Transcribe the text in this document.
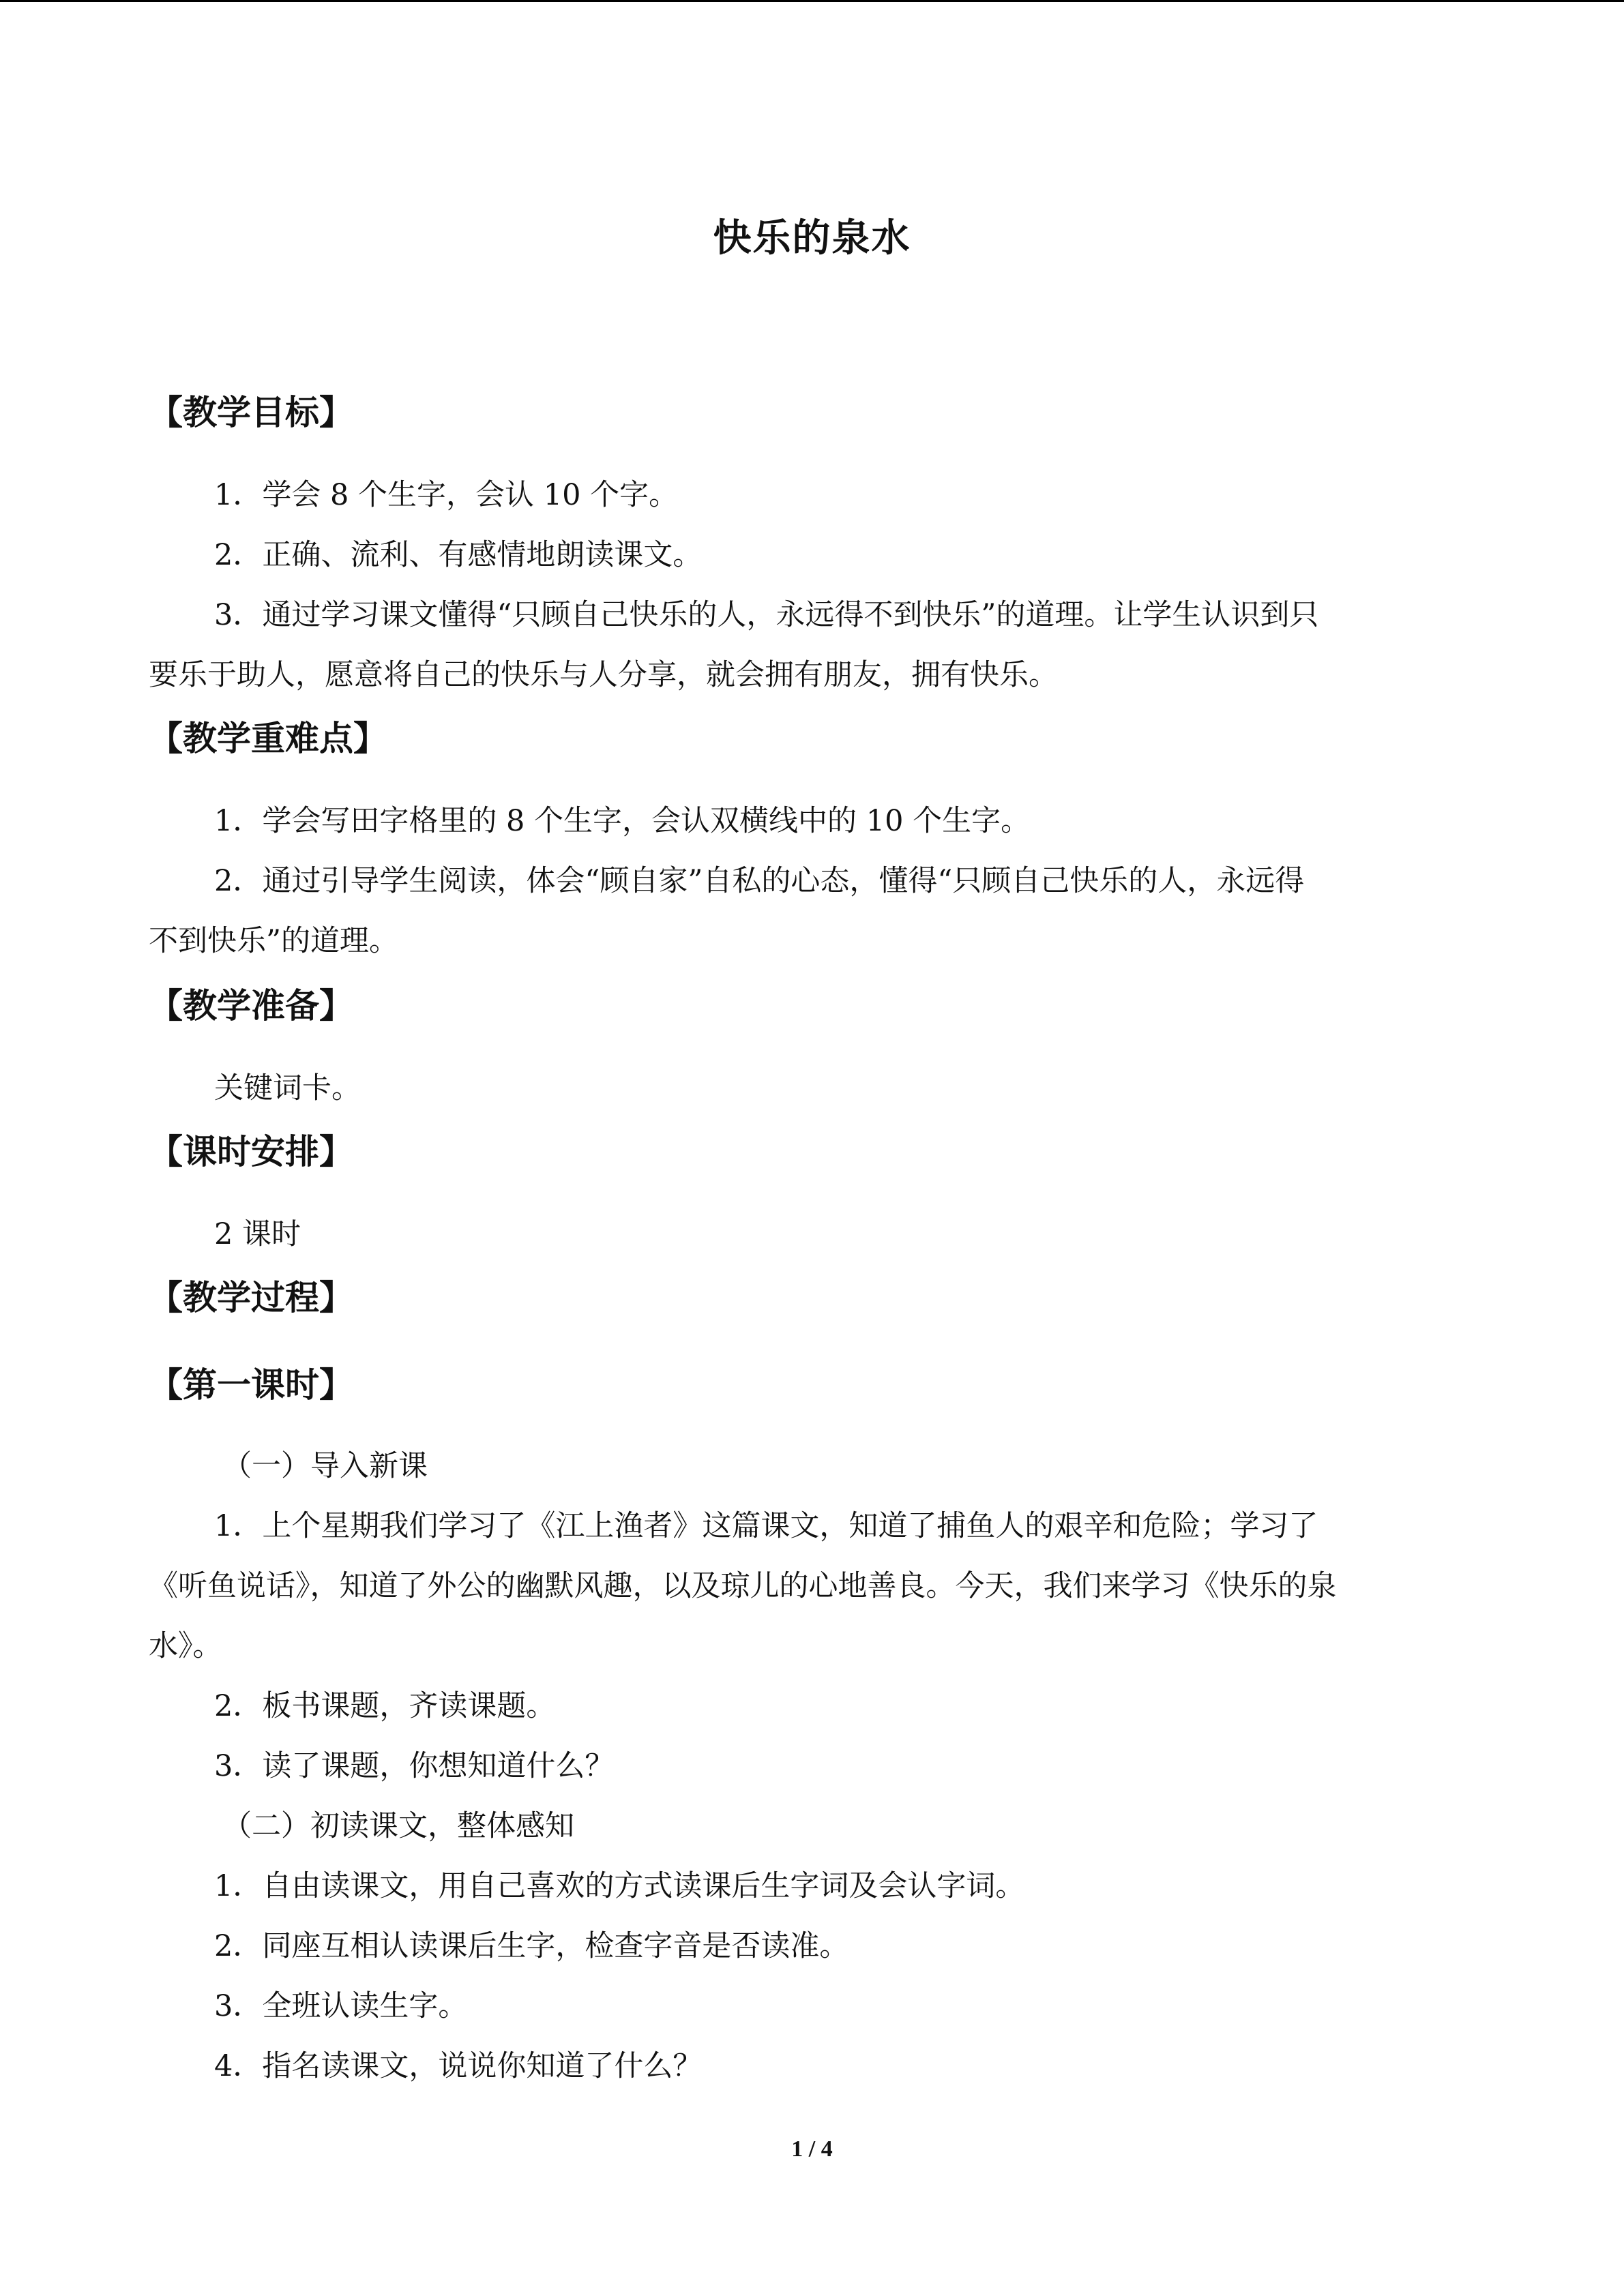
快乐的泉水
【教学目标】
1．学会 8 个生字，会认 10 个字。
2．正确、流利、有感情地朗读课文。
3．通过学习课文懂得“只顾自己快乐的人，永远得不到快乐”的道理。让学生认识到只
要乐于助人，愿意将自己的快乐与人分享，就会拥有朋友，拥有快乐。
【教学重难点】
1．学会写田字格里的 8 个生字，会认双横线中的 10 个生字。
2．通过引导学生阅读，体会“顾自家”自私的心态，懂得“只顾自己快乐的人，永远得
不到快乐”的道理。
【教学准备】
关键词卡。
【课时安排】
2 课时
【教学过程】
【第一课时】
（一）导入新课
1．上个星期我们学习了《江上渔者》这篇课文，知道了捕鱼人的艰辛和危险；学习了
《听鱼说话》，知道了外公的幽默风趣，以及琼儿的心地善良。今天，我们来学习《快乐的泉
水》。
2．板书课题，齐读课题。
3．读了课题，你想知道什么？
（二）初读课文，整体感知
1．自由读课文，用自己喜欢的方式读课后生字词及会认字词。
2．同座互相认读课后生字，检查字音是否读准。
3．全班认读生字。
4．指名读课文，说说你知道了什么？
1 / 4
